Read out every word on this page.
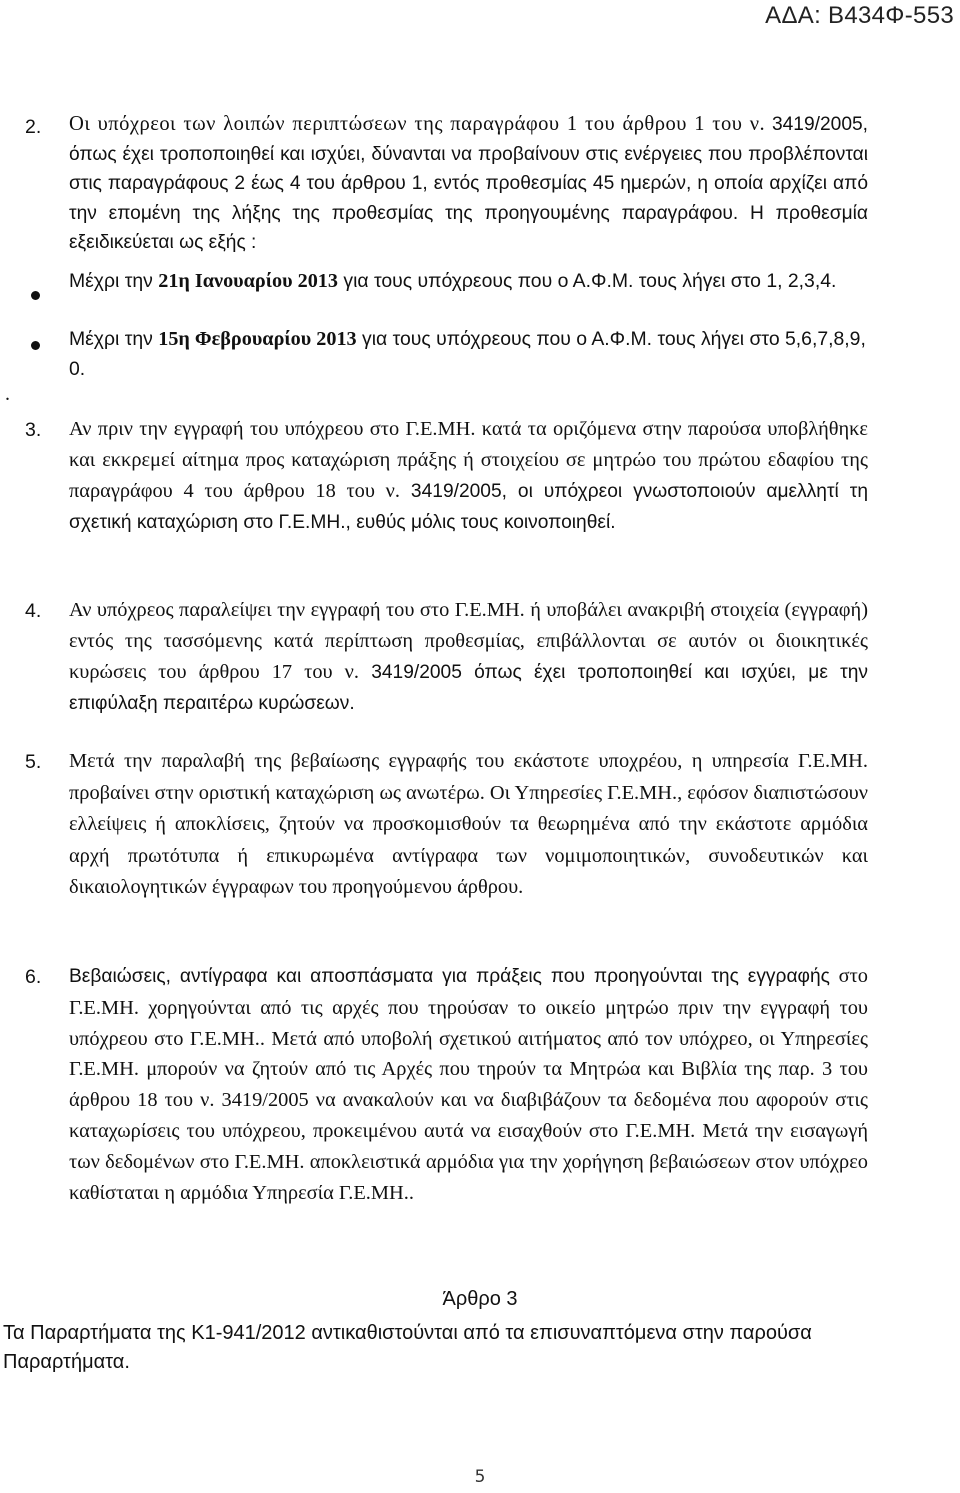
ΑΔΑ: Β434Φ-553
2.	Οι υπόχρεοι των λοιπών περιπτώσεων της παραγράφου 1 του άρθρου 1 του ν. 3419/2005, όπως έχει τροποποιηθεί και ισχύει, δύνανται να προβαίνουν στις ενέργειες που προβλέπονται στις παραγράφους 2 έως 4 του άρθρου 1, εντός προθεσμίας 45 ημερών, η οποία αρχίζει από την επομένη της λήξης της προθεσμίας της προηγουμένης παραγράφου. Η προθεσμία εξειδικεύεται ως εξής :
Μέχρι την 21η Ιανουαρίου 2013 για τους υπόχρεους που ο Α.Φ.Μ. τους λήγει στο 1, 2,3,4.
Μέχρι την 15η Φεβρουαρίου 2013 για τους υπόχρεους που ο Α.Φ.Μ. τους λήγει στο 5,6,7,8,9, 0.
.
3.	Αν πριν την εγγραφή του υπόχρεου στο Γ.Ε.ΜΗ. κατά τα οριζόμενα στην παρούσα υποβλήθηκε και εκκρεμεί αίτημα προς καταχώριση πράξης ή στοιχείου σε μητρώο του πρώτου εδαφίου της παραγράφου 4 του άρθρου 18 του ν. 3419/2005, οι υπόχρεοι γνωστοποιούν αμελλητί τη σχετική καταχώριση στο Γ.Ε.ΜΗ., ευθύς μόλις τους κοινοποιηθεί.
4.	Αν υπόχρεος παραλείψει την εγγραφή του στο Γ.Ε.ΜΗ. ή υποβάλει ανακριβή στοιχεία (εγγραφή) εντός της τασσόμενης κατά περίπτωση προθεσμίας, επιβάλλονται σε αυτόν οι διοικητικές κυρώσεις του άρθρου 17 του ν. 3419/2005 όπως έχει τροποποιηθεί και ισχύει, με την επιφύλαξη περαιτέρω κυρώσεων.
5.	Μετά την παραλαβή της βεβαίωσης εγγραφής του εκάστοτε υποχρέου, η υπηρεσία Γ.Ε.ΜΗ. προβαίνει στην οριστική καταχώριση ως ανωτέρω. Οι Υπηρεσίες Γ.Ε.ΜΗ., εφόσον διαπιστώσουν ελλείψεις ή αποκλίσεις, ζητούν να προσκομισθούν τα θεωρημένα από την εκάστοτε αρμόδια αρχή πρωτότυπα ή επικυρωμένα αντίγραφα των νομιμοποιητικών, συνοδευτικών και δικαιολογητικών έγγραφων του προηγούμενου άρθρου.
6.	Βεβαιώσεις, αντίγραφα και αποσπάσματα για πράξεις που προηγούνται της εγγραφής στο Γ.Ε.ΜΗ. χορηγούνται από τις αρχές που τηρούσαν το οικείο μητρώο πριν την εγγραφή του υπόχρεου στο Γ.Ε.ΜΗ.. Μετά από υποβολή σχετικού αιτήματος από τον υπόχρεο, οι Υπηρεσίες Γ.Ε.ΜΗ. μπορούν να ζητούν από τις Αρχές που τηρούν τα Μητρώα και Βιβλία της παρ. 3 του άρθρου 18 του ν. 3419/2005 να ανακαλούν και να διαβιβάζουν τα δεδομένα που αφορούν στις καταχωρίσεις του υπόχρεου, προκειμένου αυτά να εισαχθούν στο Γ.Ε.ΜΗ. Μετά την εισαγωγή των δεδομένων στο Γ.Ε.ΜΗ. αποκλειστικά αρμόδια για την χορήγηση βεβαιώσεων στον υπόχρεο καθίσταται η αρμόδια Υπηρεσία Γ.Ε.ΜΗ..
Άρθρο 3
Τα Παραρτήματα της Κ1-941/2012 αντικαθιστούνται από τα επισυναπτόμενα στην παρούσα Παραρτήματα.
5
